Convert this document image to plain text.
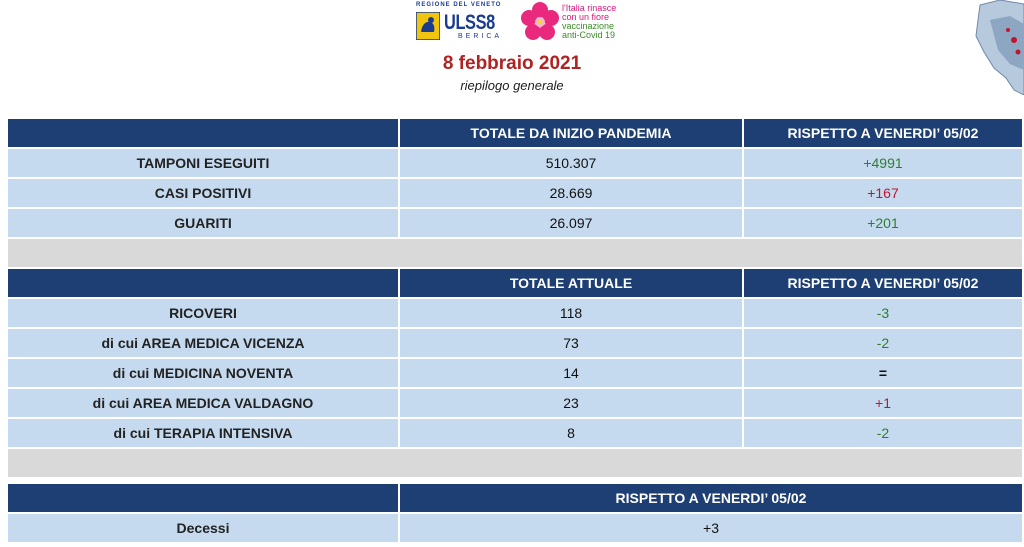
REGIONE DEL VENETO
ULSS8
BERICA
l'Italia rinasce
con un fiore
vaccinazione
anti-Covid 19
8 febbraio 2021
riepilogo generale
	TOTALE DA INIZIO PANDEMIA	RISPETTO A VENERDI’ 05/02
TAMPONI ESEGUITI	510.307	+4991
CASI POSITIVI	28.669	+167
GUARITI	26.097	+201

	TOTALE ATTUALE	RISPETTO A VENERDI’ 05/02
RICOVERI	118	-3
di cui AREA MEDICA VICENZA	73	-2
di cui MEDICINA NOVENTA	14	=
di cui AREA MEDICA VALDAGNO	23	+1
di cui TERAPIA INTENSIVA	8	-2

	RISPETTO A VENERDI’ 05/02
Decessi	+3
